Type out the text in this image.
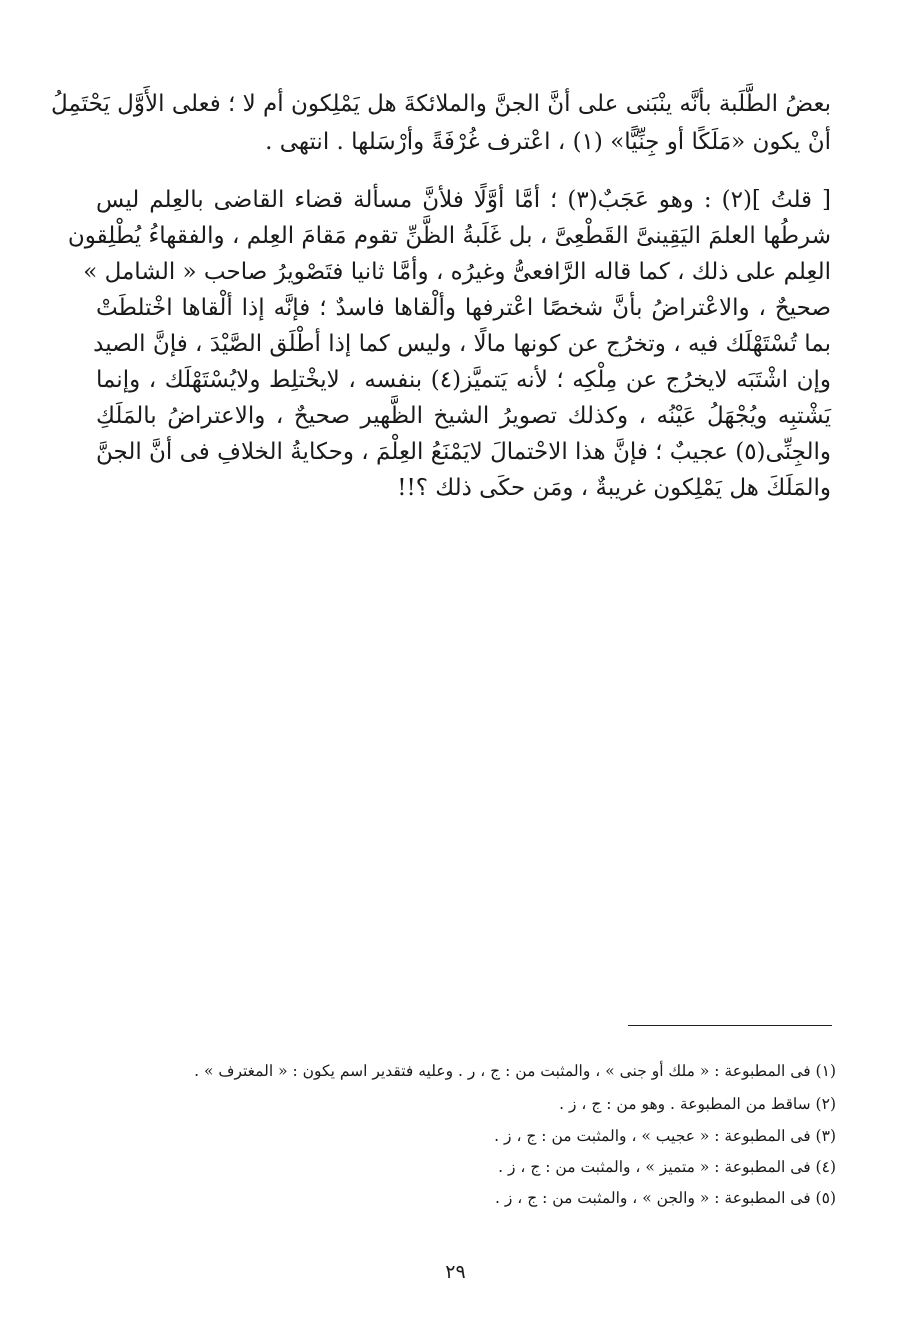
بعضُ الطَّلَبة بأنَّه ينْبَنى على أنَّ الجنَّ والملائكةَ هل يَمْلِكون أم لا ؛ فعلى الأَوَّل يَحْتَمِلُ
أنْ يكون «مَلَكًا أو جِنِّيًّا» ‎(١)‎ ، اعْترف غُرْفَةً وأرْسَلها . انتهى .
[ قلتُ ]‎(٢)‎ : وهو عَجَبٌ‎(٣)‎ ؛ أمَّا أوَّلًا فلأنَّ مسألة قضاء القاضى بالعِلم ليس
شرطُها العلمَ اليَقِينىَّ القَطْعِىَّ ، بل غَلَبةُ الظَّنِّ تقوم مَقامَ العِلم ، والفقهاءُ يُطْلِقون
العِلم على ذلك ، كما قاله الرَّافعىُّ وغيرُه ، وأمَّا ثانيا فتَصْويرُ صاحب « الشامل »
صحيحٌ ، والاعْتراضُ بأنَّ شخصًا اعْترفها وألْقاها فاسدٌ ؛ فإنَّه إذا ألْقاها اخْتلطَتْ
بما تُسْتَهْلَك فيه ، وتخرُج عن كونها مالًا ، وليس كما إذا أطْلَق الصَّيْدَ ، فإنَّ الصيد
وإن اشْتَبَه لايخرُج عن مِلْكِه ؛ لأنه يَتميَّز‎(٤)‎ بنفسه ، لايخْتلِط ولايُسْتَهْلَك ، وإنما
يَشْتبِه ويُجْهَلُ عَيْنُه ، وكذلك تصويرُ الشيخ الظَّهير صحيحٌ ، والاعتراضُ بالمَلَكِ
والجِنِّى‎(٥)‎ عجيبٌ ؛ فإنَّ هذا الاحْتمالَ لايَمْنَعُ العِلْمَ ، وحكايةُ الخلافِ فى أنَّ الجنَّ
والمَلَكَ هل يَمْلِكون غريبةٌ ، ومَن حكَى ذلك ؟!!
(١) فى المطبوعة : « ملك أو جنى » ، والمثبت من : ج ، ر . وعليه فتقدير اسم يكون : « المغترف » .
(٢) ساقط من المطبوعة . وهو من : ج ، ز .
(٣) فى المطبوعة : « عجيب » ، والمثبت من : ج ، ز .
(٤) فى المطبوعة : « متميز » ، والمثبت من : ج ، ز .
(٥) فى المطبوعة : « والجن » ، والمثبت من : ج ، ز .
٢٩
